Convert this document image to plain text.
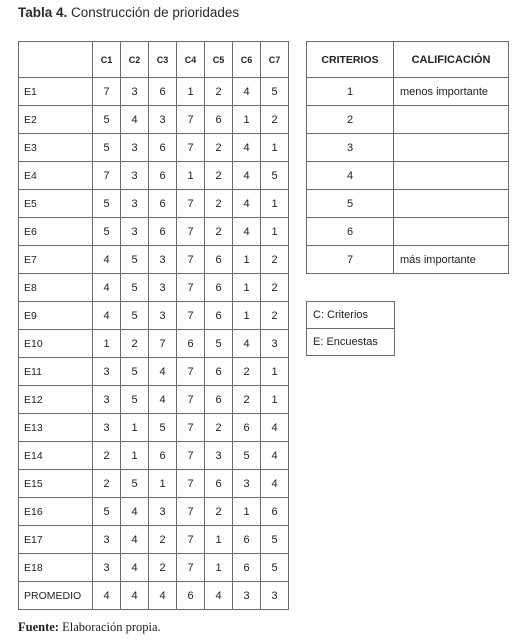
Tabla 4. Construcción de prioridades
	C1	C2	C3	C4	C5	C6	C7
E1	7	3	6	1	2	4	5
E2	5	4	3	7	6	1	2
E3	5	3	6	7	2	4	1
E4	7	3	6	1	2	4	5
E5	5	3	6	7	2	4	1
E6	5	3	6	7	2	4	1
E7	4	5	3	7	6	1	2
E8	4	5	3	7	6	1	2
E9	4	5	3	7	6	1	2
E10	1	2	7	6	5	4	3
E11	3	5	4	7	6	2	1
E12	3	5	4	7	6	2	1
E13	3	1	5	7	2	6	4
E14	2	1	6	7	3	5	4
E15	2	5	1	7	6	3	4
E16	5	4	3	7	2	1	6
E17	3	4	2	7	1	6	5
E18	3	4	2	7	1	6	5
PROMEDIO	4	4	4	6	4	3	3
CRITERIOS	CALIFICACIÓN
1	menos importante
2	
3	
4	
5	
6	
7	más importante
C: Criterios
E: Encuestas
Fuente: Elaboración propia.
